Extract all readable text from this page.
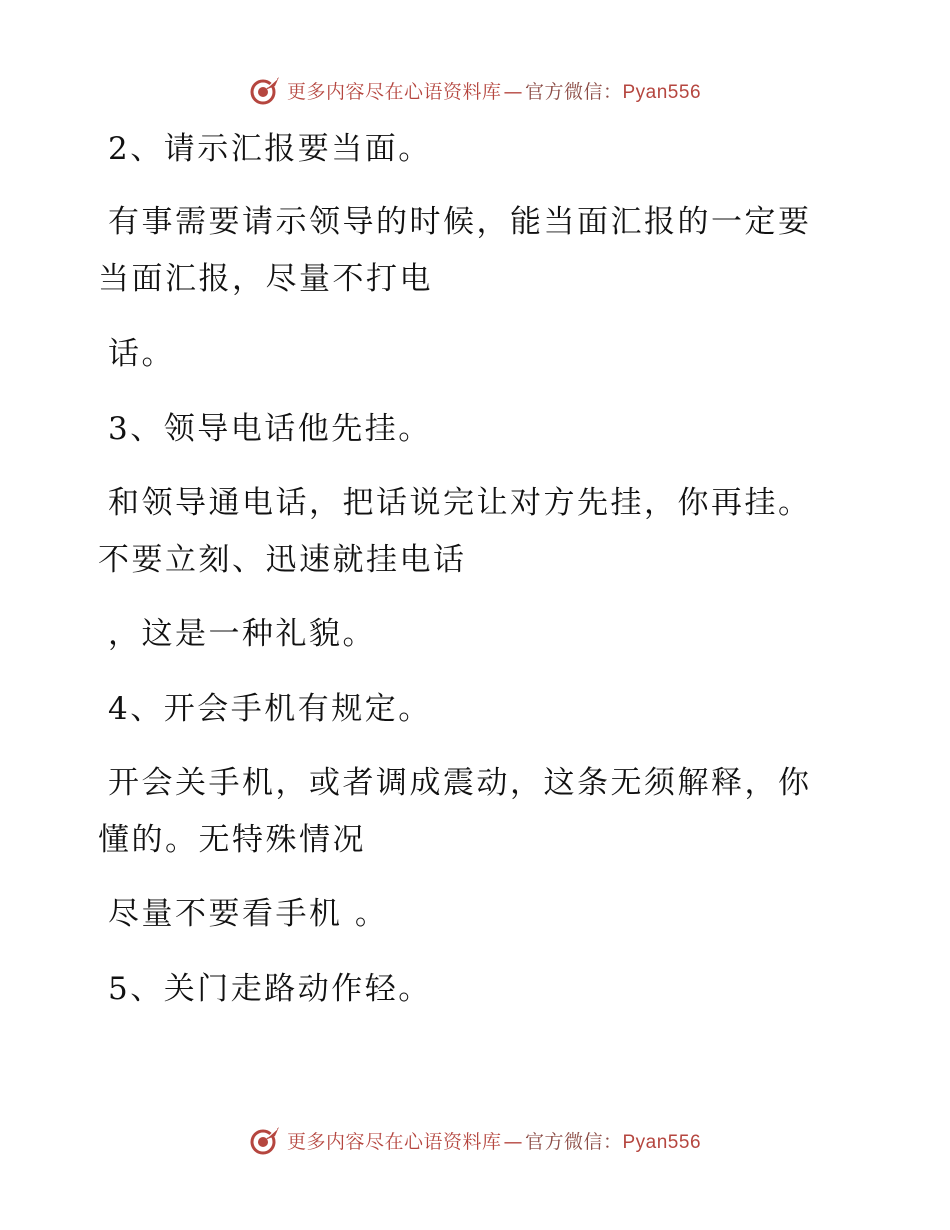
更多内容尽在心语资料库 — 官方微信：Pyan556
2、请示汇报要当面。
有事需要请示领导的时候，能当面汇报的一定要
当面汇报，尽量不打电
话。
3、领导电话他先挂。
和领导通电话，把话说完让对方先挂，你再挂。
不要立刻、迅速就挂电话
，这是一种礼貌。
4、开会手机有规定。
开会关手机，或者调成震动，这条无须解释，你
懂的。无特殊情况
尽量不要看手机 。
5、关门走路动作轻。
更多内容尽在心语资料库 — 官方微信：Pyan556
